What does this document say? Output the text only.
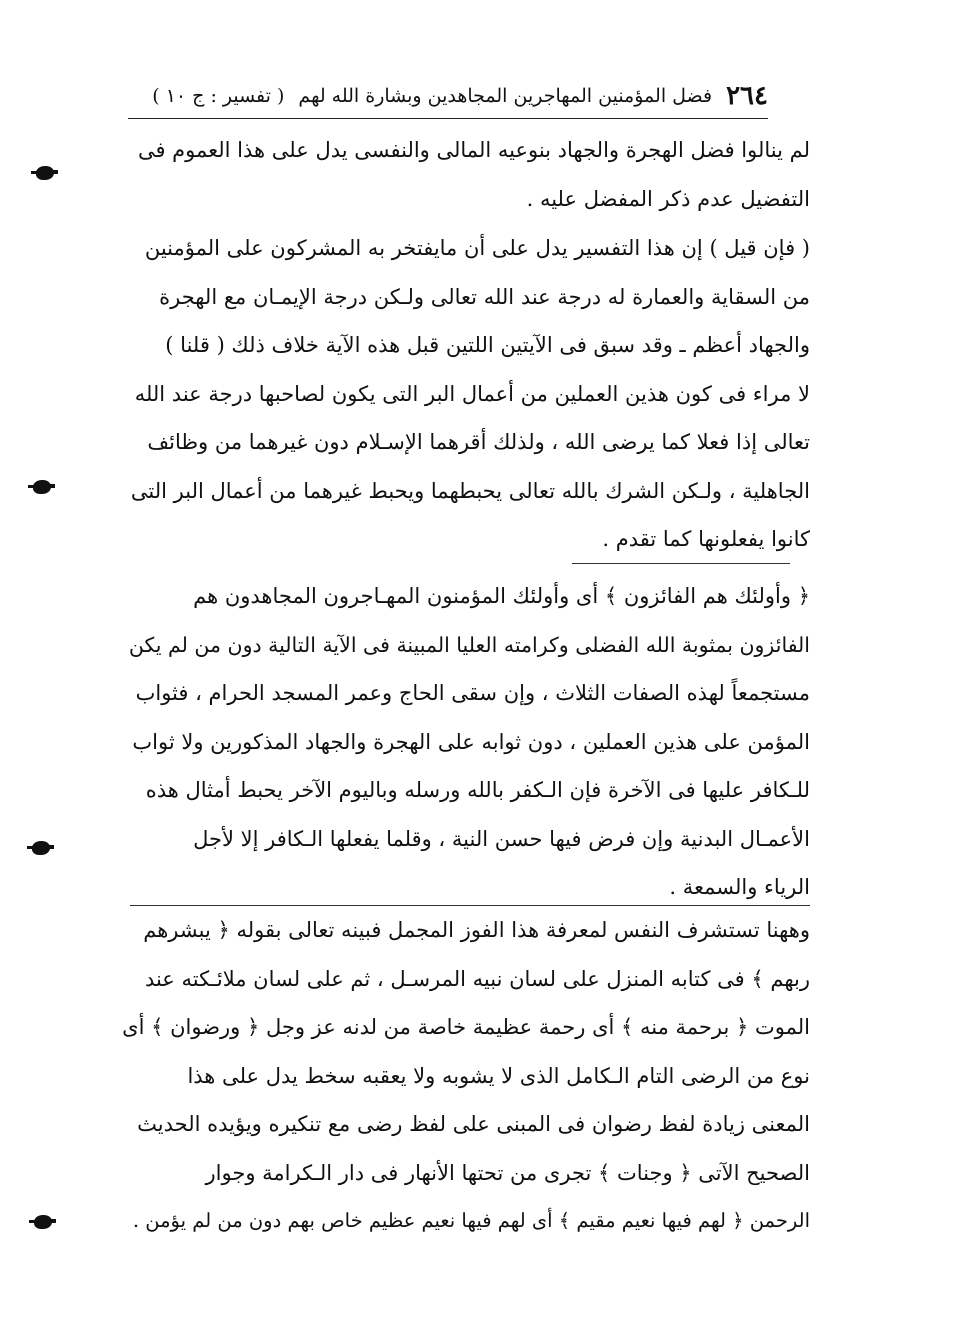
٢٦٤
فضل المؤمنين المهاجرين المجاهدين وبشارة الله لهم
( تفسير : ج ١٠ )
لم ينالوا فضل الهجرة والجهاد بنوعيه المالى والنفسى يدل على هذا العموم فى
التفضيل عدم ذكر المفضل عليه .
( فإن قيل ) إن هذا التفسير يدل على أن مايفتخر به المشركون على المؤمنين
من السقاية والعمارة له درجة عند الله تعالى ولـكن درجة الإيمـان مع الهجرة
والجهاد أعظم ـ وقد سبق فى الآيتين اللتين قبل هذه الآية خلاف ذلك ( قلنا )
لا مراء فى كون هذين العملين من أعمال البر التى يكون لصاحبها درجة عند الله
تعالى إذا فعلا كما يرضى الله ، ولذلك أقرهما الإسـلام دون غيرهما من وظائف
الجاهلية ، ولـكن الشرك بالله تعالى يحبطهما ويحبط غيرهما من أعمال البر التى
كانوا يفعلونها كما تقدم .
﴿ وأولئك هم الفائزون ﴾ أى وأولئك المؤمنون المهـاجرون المجاهدون هم
الفائزون بمثوبة الله الفضلى وكرامته العليا المبينة فى الآية التالية دون من لم يكن
مستجمعاً لهذه الصفات الثلاث ، وإن سقى الحاج وعمر المسجد الحرام ، فثواب
المؤمن على هذين العملين ، دون ثوابه على الهجرة والجهاد المذكورين ولا ثواب
للـكافر عليها فى الآخرة فإن الـكفر بالله ورسله وباليوم الآخر يحبط أمثال هذه
الأعمـال البدنية وإن فرض فيها حسن النية ، وقلما يفعلها الـكافر إلا لأجل
الرياء والسمعة .
وههنا تستشرف النفس لمعرفة هذا الفوز المجمل فبينه تعالى بقوله ﴿ يبشرهم
ربهم ﴾ فى كتابه المنزل على لسان نبيه المرسـل ، ثم على لسان ملائـكته عند
الموت ﴿ برحمة منه ﴾ أى رحمة عظيمة خاصة من لدنه عز وجل ﴿ ورضوان ﴾ أى
نوع من الرضى التام الـكامل الذى لا يشوبه ولا يعقبه سخط يدل على هذا
المعنى زيادة لفظ رضوان فى المبنى على لفظ رضى مع تنكيره ويؤيده الحديث
الصحيح الآتى ﴿ وجنات ﴾ تجرى من تحتها الأنهار فى دار الـكرامة وجوار
الرحمن ﴿ لهم فيها نعيم مقيم ﴾ أى لهم فيها نعيم عظيم خاص بهم دون من لم يؤمن .
